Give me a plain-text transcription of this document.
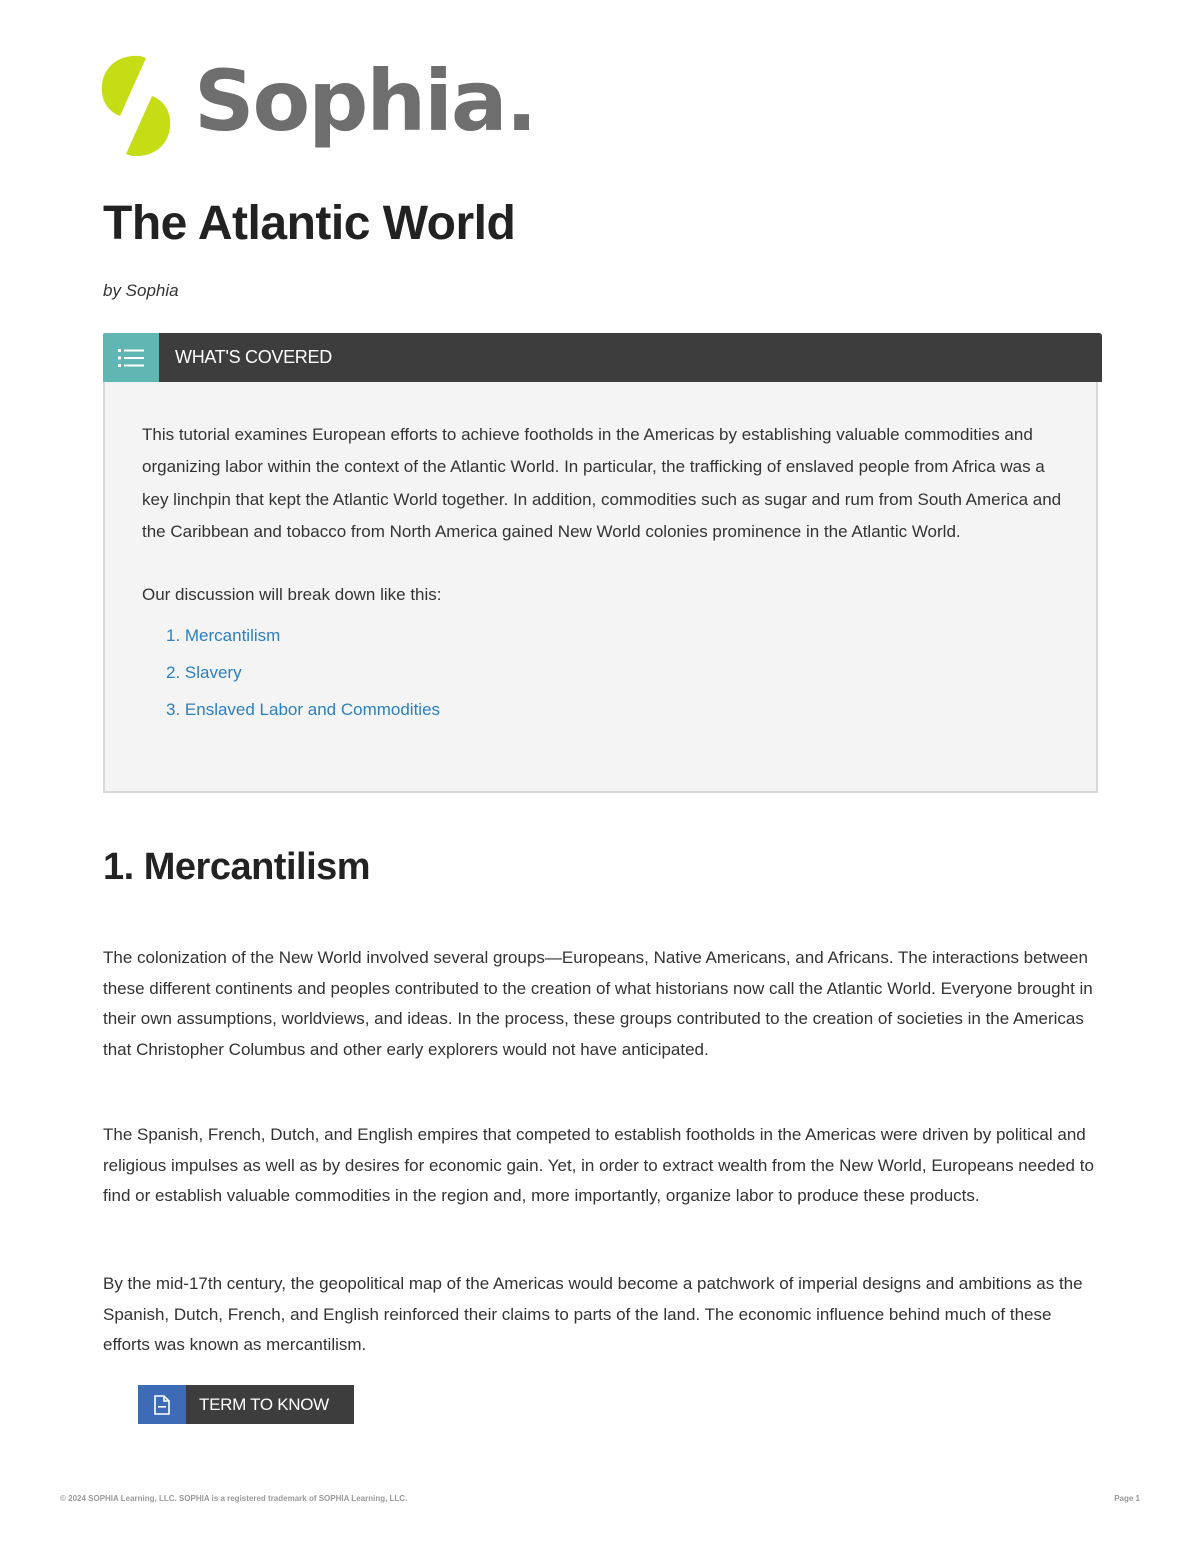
Sophia.
The Atlantic World
by Sophia
WHAT'S COVERED

This tutorial examines European efforts to achieve footholds in the Americas by establishing valuable commodities and organizing labor within the context of the Atlantic World. In particular, the trafficking of enslaved people from Africa was a key linchpin that kept the Atlantic World together. In addition, commodities such as sugar and rum from South America and the Caribbean and tobacco from North America gained New World colonies prominence in the Atlantic World.

Our discussion will break down like this:

1. Mercantilism
2. Slavery
3. Enslaved Labor and Commodities
1. Mercantilism

The colonization of the New World involved several groups—Europeans, Native Americans, and Africans. The interactions between these different continents and peoples contributed to the creation of what historians now call the Atlantic World. Everyone brought in their own assumptions, worldviews, and ideas. In the process, these groups contributed to the creation of societies in the Americas that Christopher Columbus and other early explorers would not have anticipated.

The Spanish, French, Dutch, and English empires that competed to establish footholds in the Americas were driven by political and religious impulses as well as by desires for economic gain. Yet, in order to extract wealth from the New World, Europeans needed to find or establish valuable commodities in the region and, more importantly, organize labor to produce these products.

By the mid-17th century, the geopolitical map of the Americas would become a patchwork of imperial designs and ambitions as the Spanish, Dutch, French, and English reinforced their claims to parts of the land. The economic influence behind much of these efforts was known as mercantilism.

TERM TO KNOW
© 2024 SOPHIA Learning, LLC. SOPHIA is a registered trademark of SOPHIA Learning, LLC.	Page 1
